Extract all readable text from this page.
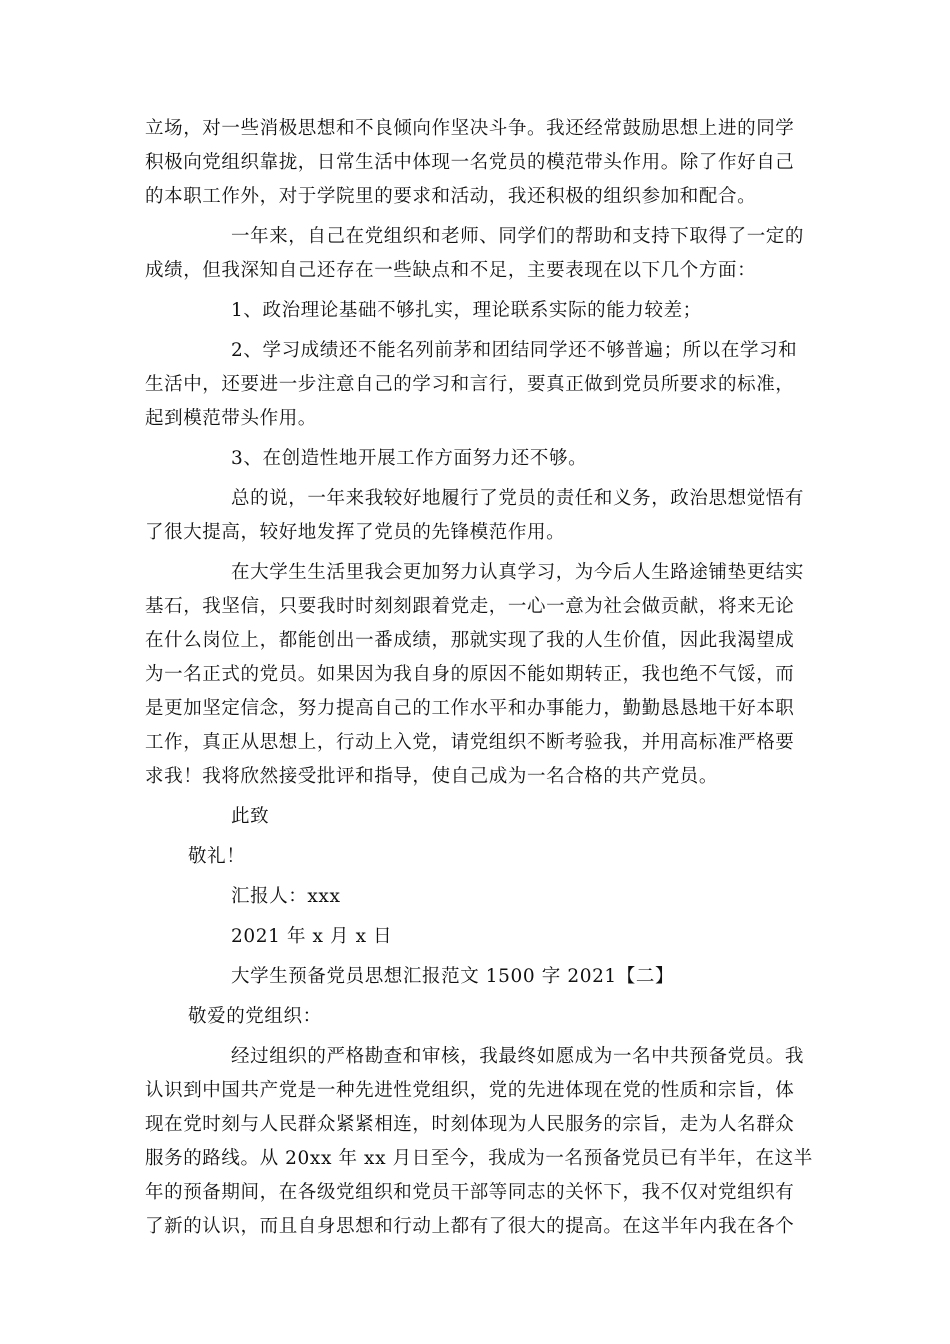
立场，对一些消极思想和不良倾向作坚决斗争。我还经常鼓励思想上进的同学
积极向党组织靠拢，日常生活中体现一名党员的模范带头作用。除了作好自己
的本职工作外，对于学院里的要求和活动，我还积极的组织参加和配合。
一年来，自己在党组织和老师、同学们的帮助和支持下取得了一定的
成绩，但我深知自己还存在一些缺点和不足，主要表现在以下几个方面：
1、政治理论基础不够扎实，理论联系实际的能力较差；
2、学习成绩还不能名列前茅和团结同学还不够普遍；所以在学习和
生活中，还要进一步注意自己的学习和言行，要真正做到党员所要求的标准，
起到模范带头作用。
3、在创造性地开展工作方面努力还不够。
总的说，一年来我较好地履行了党员的责任和义务，政治思想觉悟有
了很大提高，较好地发挥了党员的先锋模范作用。
在大学生生活里我会更加努力认真学习，为今后人生路途铺垫更结实
基石，我坚信，只要我时时刻刻跟着党走，一心一意为社会做贡献，将来无论
在什么岗位上，都能创出一番成绩，那就实现了我的人生价值，因此我渴望成
为一名正式的党员。如果因为我自身的原因不能如期转正，我也绝不气馁，而
是更加坚定信念，努力提高自己的工作水平和办事能力，勤勤恳恳地干好本职
工作，真正从思想上，行动上入党，请党组织不断考验我，并用高标准严格要
求我！我将欣然接受批评和指导，使自己成为一名合格的共产党员。
此致
敬礼！
汇报人：xxx
2021 年 x 月 x 日
大学生预备党员思想汇报范文 1500 字 2021【二】
敬爱的党组织：
经过组织的严格勘查和审核，我最终如愿成为一名中共预备党员。我
认识到中国共产党是一种先进性党组织，党的先进体现在党的性质和宗旨，体
现在党时刻与人民群众紧紧相连，时刻体现为人民服务的宗旨，走为人名群众
服务的路线。从 20xx 年 xx 月日至今，我成为一名预备党员已有半年，在这半
年的预备期间，在各级党组织和党员干部等同志的关怀下，我不仅对党组织有
了新的认识，而且自身思想和行动上都有了很大的提高。在这半年内我在各个
